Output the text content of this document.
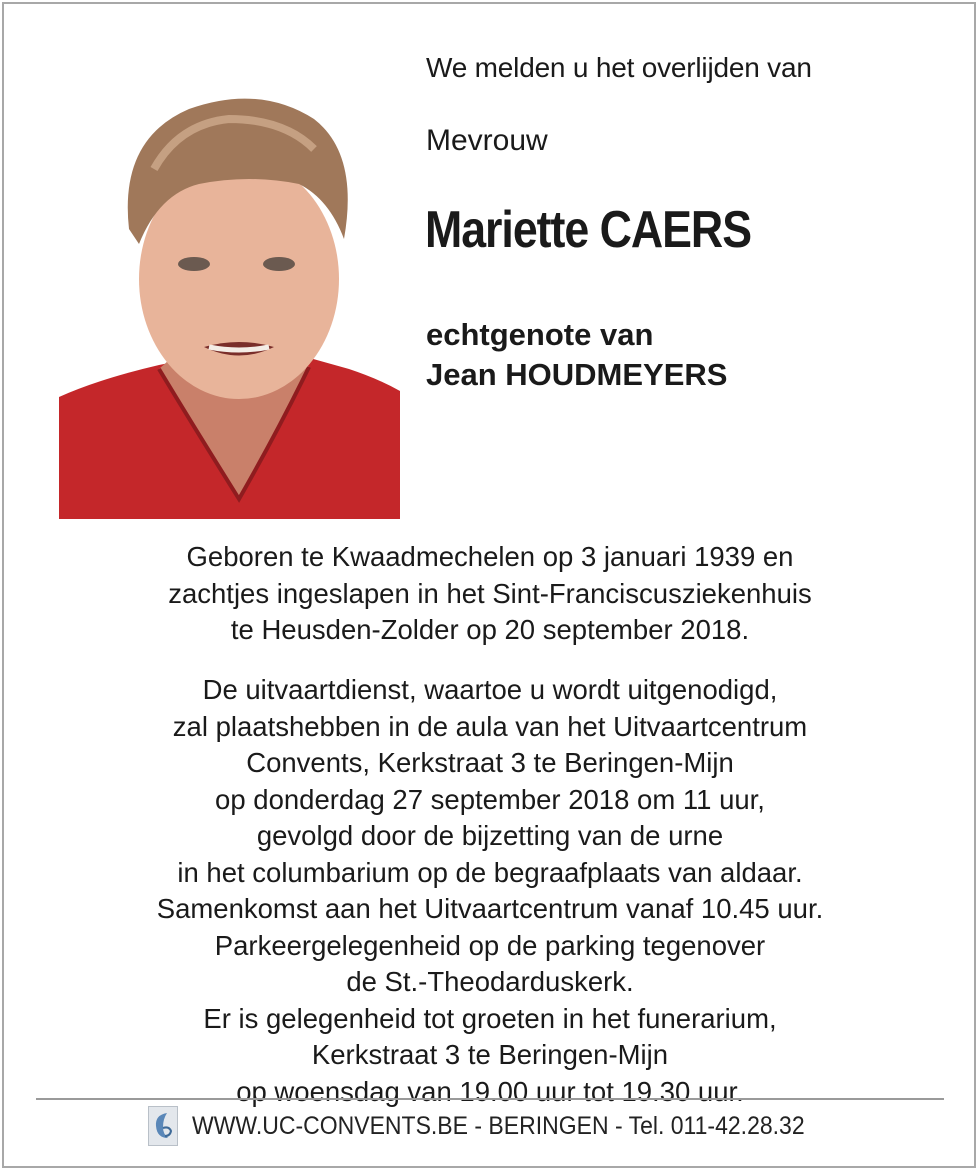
We melden u het overlijden van
Mevrouw
Mariette CAERS
echtgenote van
Jean HOUDMEYERS
Geboren te Kwaadmechelen op 3 januari 1939 en
zachtjes ingeslapen in het Sint-Franciscusziekenhuis
te Heusden-Zolder op 20 september 2018.
De uitvaartdienst, waartoe u wordt uitgenodigd,
zal plaatshebben in de aula van het Uitvaartcentrum
Convents, Kerkstraat 3 te Beringen-Mijn
op donderdag 27 september 2018 om 11 uur,
gevolgd door de bijzetting van de urne
in het columbarium op de begraafplaats van aldaar.
Samenkomst aan het Uitvaartcentrum vanaf 10.45 uur.
Parkeergelegenheid op de parking tegenover
de St.-Theodarduskerk.
Er is gelegenheid tot groeten in het funerarium,
Kerkstraat 3 te Beringen-Mijn
op woensdag van 19.00 uur tot 19.30 uur.
WWW.UC-CONVENTS.BE - BERINGEN - Tel. 011-42.28.32
